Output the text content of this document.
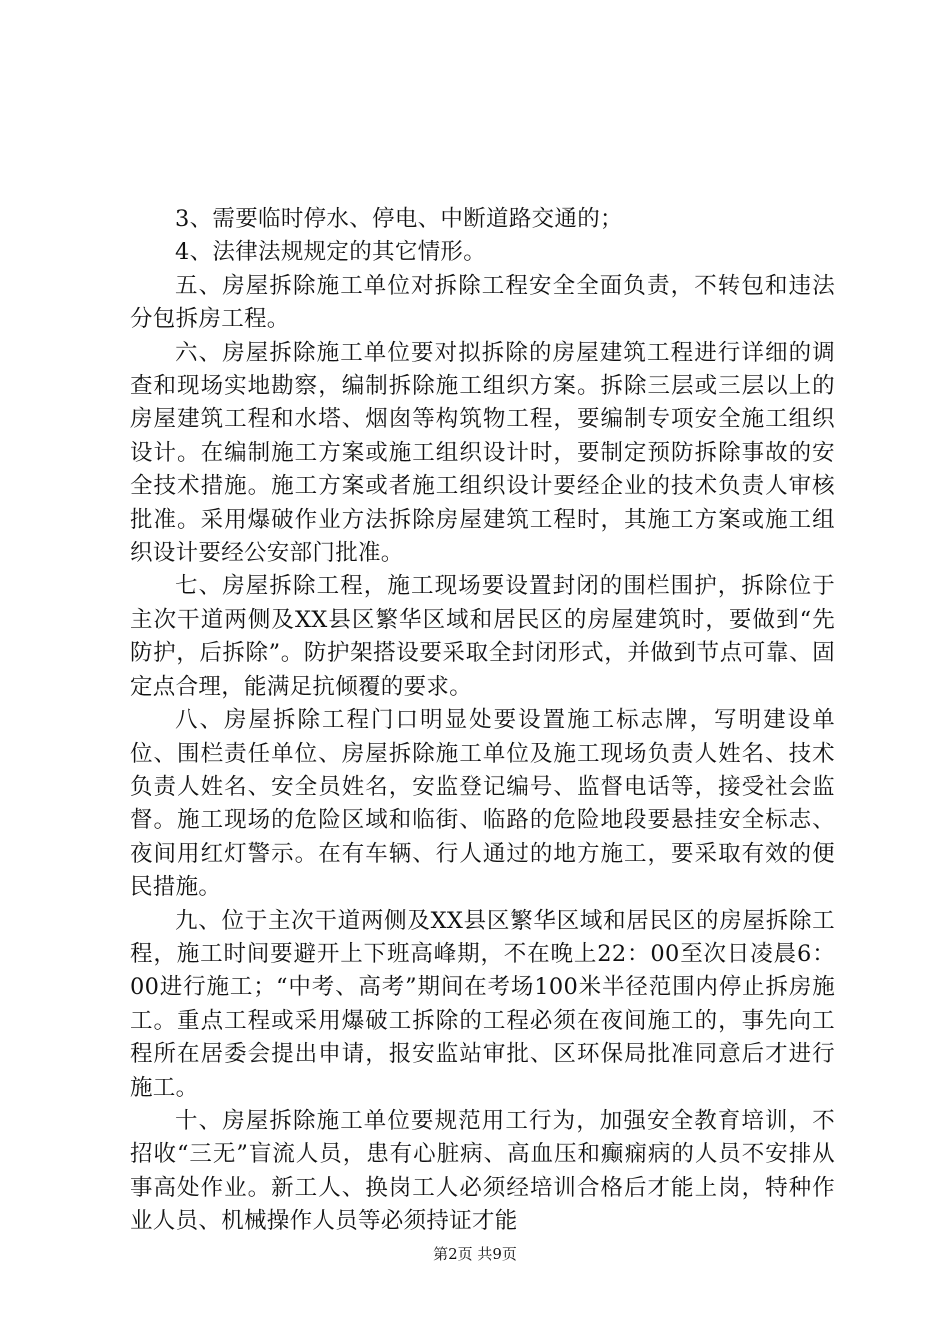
3、需要临时停水、停电、中断道路交通的；

4、法律法规规定的其它情形。

五、房屋拆除施工单位对拆除工程安全全面负责，不转包和违法分包拆房工程。

六、房屋拆除施工单位要对拟拆除的房屋建筑工程进行详细的调查和现场实地勘察，编制拆除施工组织方案。拆除三层或三层以上的房屋建筑工程和水塔、烟囱等构筑物工程，要编制专项安全施工组织设计。在编制施工方案或施工组织设计时，要制定预防拆除事故的安全技术措施。施工方案或者施工组织设计要经企业的技术负责人审核批准。采用爆破作业方法拆除房屋建筑工程时，其施工方案或施工组织设计要经公安部门批准。

七、房屋拆除工程，施工现场要设置封闭的围栏围护，拆除位于主次干道两侧及XX县区繁华区域和居民区的房屋建筑时，要做到“先防护，后拆除”。防护架搭设要采取全封闭形式，并做到节点可靠、固定点合理，能满足抗倾覆的要求。

八、房屋拆除工程门口明显处要设置施工标志牌，写明建设单位、围栏责任单位、房屋拆除施工单位及施工现场负责人姓名、技术负责人姓名、安全员姓名，安监登记编号、监督电话等，接受社会监督。施工现场的危险区域和临街、临路的危险地段要悬挂安全标志、夜间用红灯警示。在有车辆、行人通过的地方施工，要采取有效的便民措施。

九、位于主次干道两侧及XX县区繁华区域和居民区的房屋拆除工程，施工时间要避开上下班高峰期，不在晚上22：00至次日凌晨6：00进行施工；“中考、高考”期间在考场100米半径范围内停止拆房施工。重点工程或采用爆破工拆除的工程必须在夜间施工的，事先向工程所在居委会提出申请，报安监站审批、区环保局批准同意后才进行施工。

十、房屋拆除施工单位要规范用工行为，加强安全教育培训，不招收“三无”盲流人员，患有心脏病、高血压和癫痫病的人员不安排从事高处作业。新工人、换岗工人必须经培训合格后才能上岗，特种作业人员、机械操作人员等必须持证才能

第2页 共9页
